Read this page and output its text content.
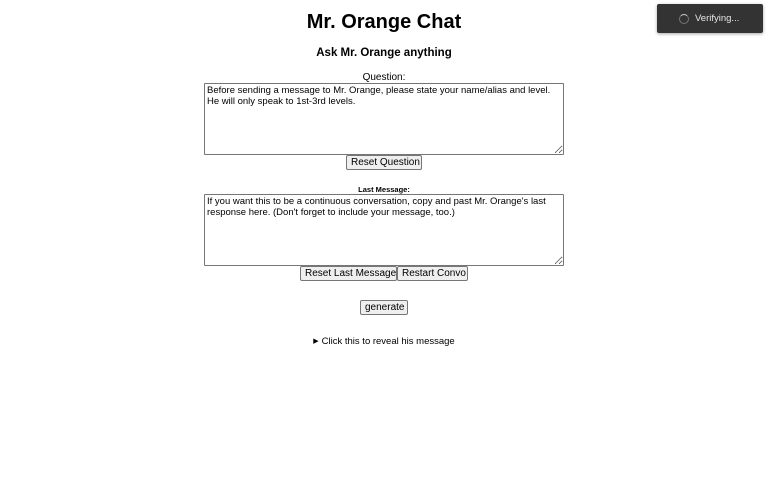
Mr. Orange Chat
Ask Mr. Orange anything
Question:
Before sending a message to Mr. Orange, please state your name/alias and level. He will only speak to 1st-3rd levels.
Reset Question
Last Message:
If you want this to be a continuous conversation, copy and past Mr. Orange's last response here. (Don't forget to include your message, too.)
Reset Last Message Restart Convo
generate
▶ Click this to reveal his message
Verifying...
